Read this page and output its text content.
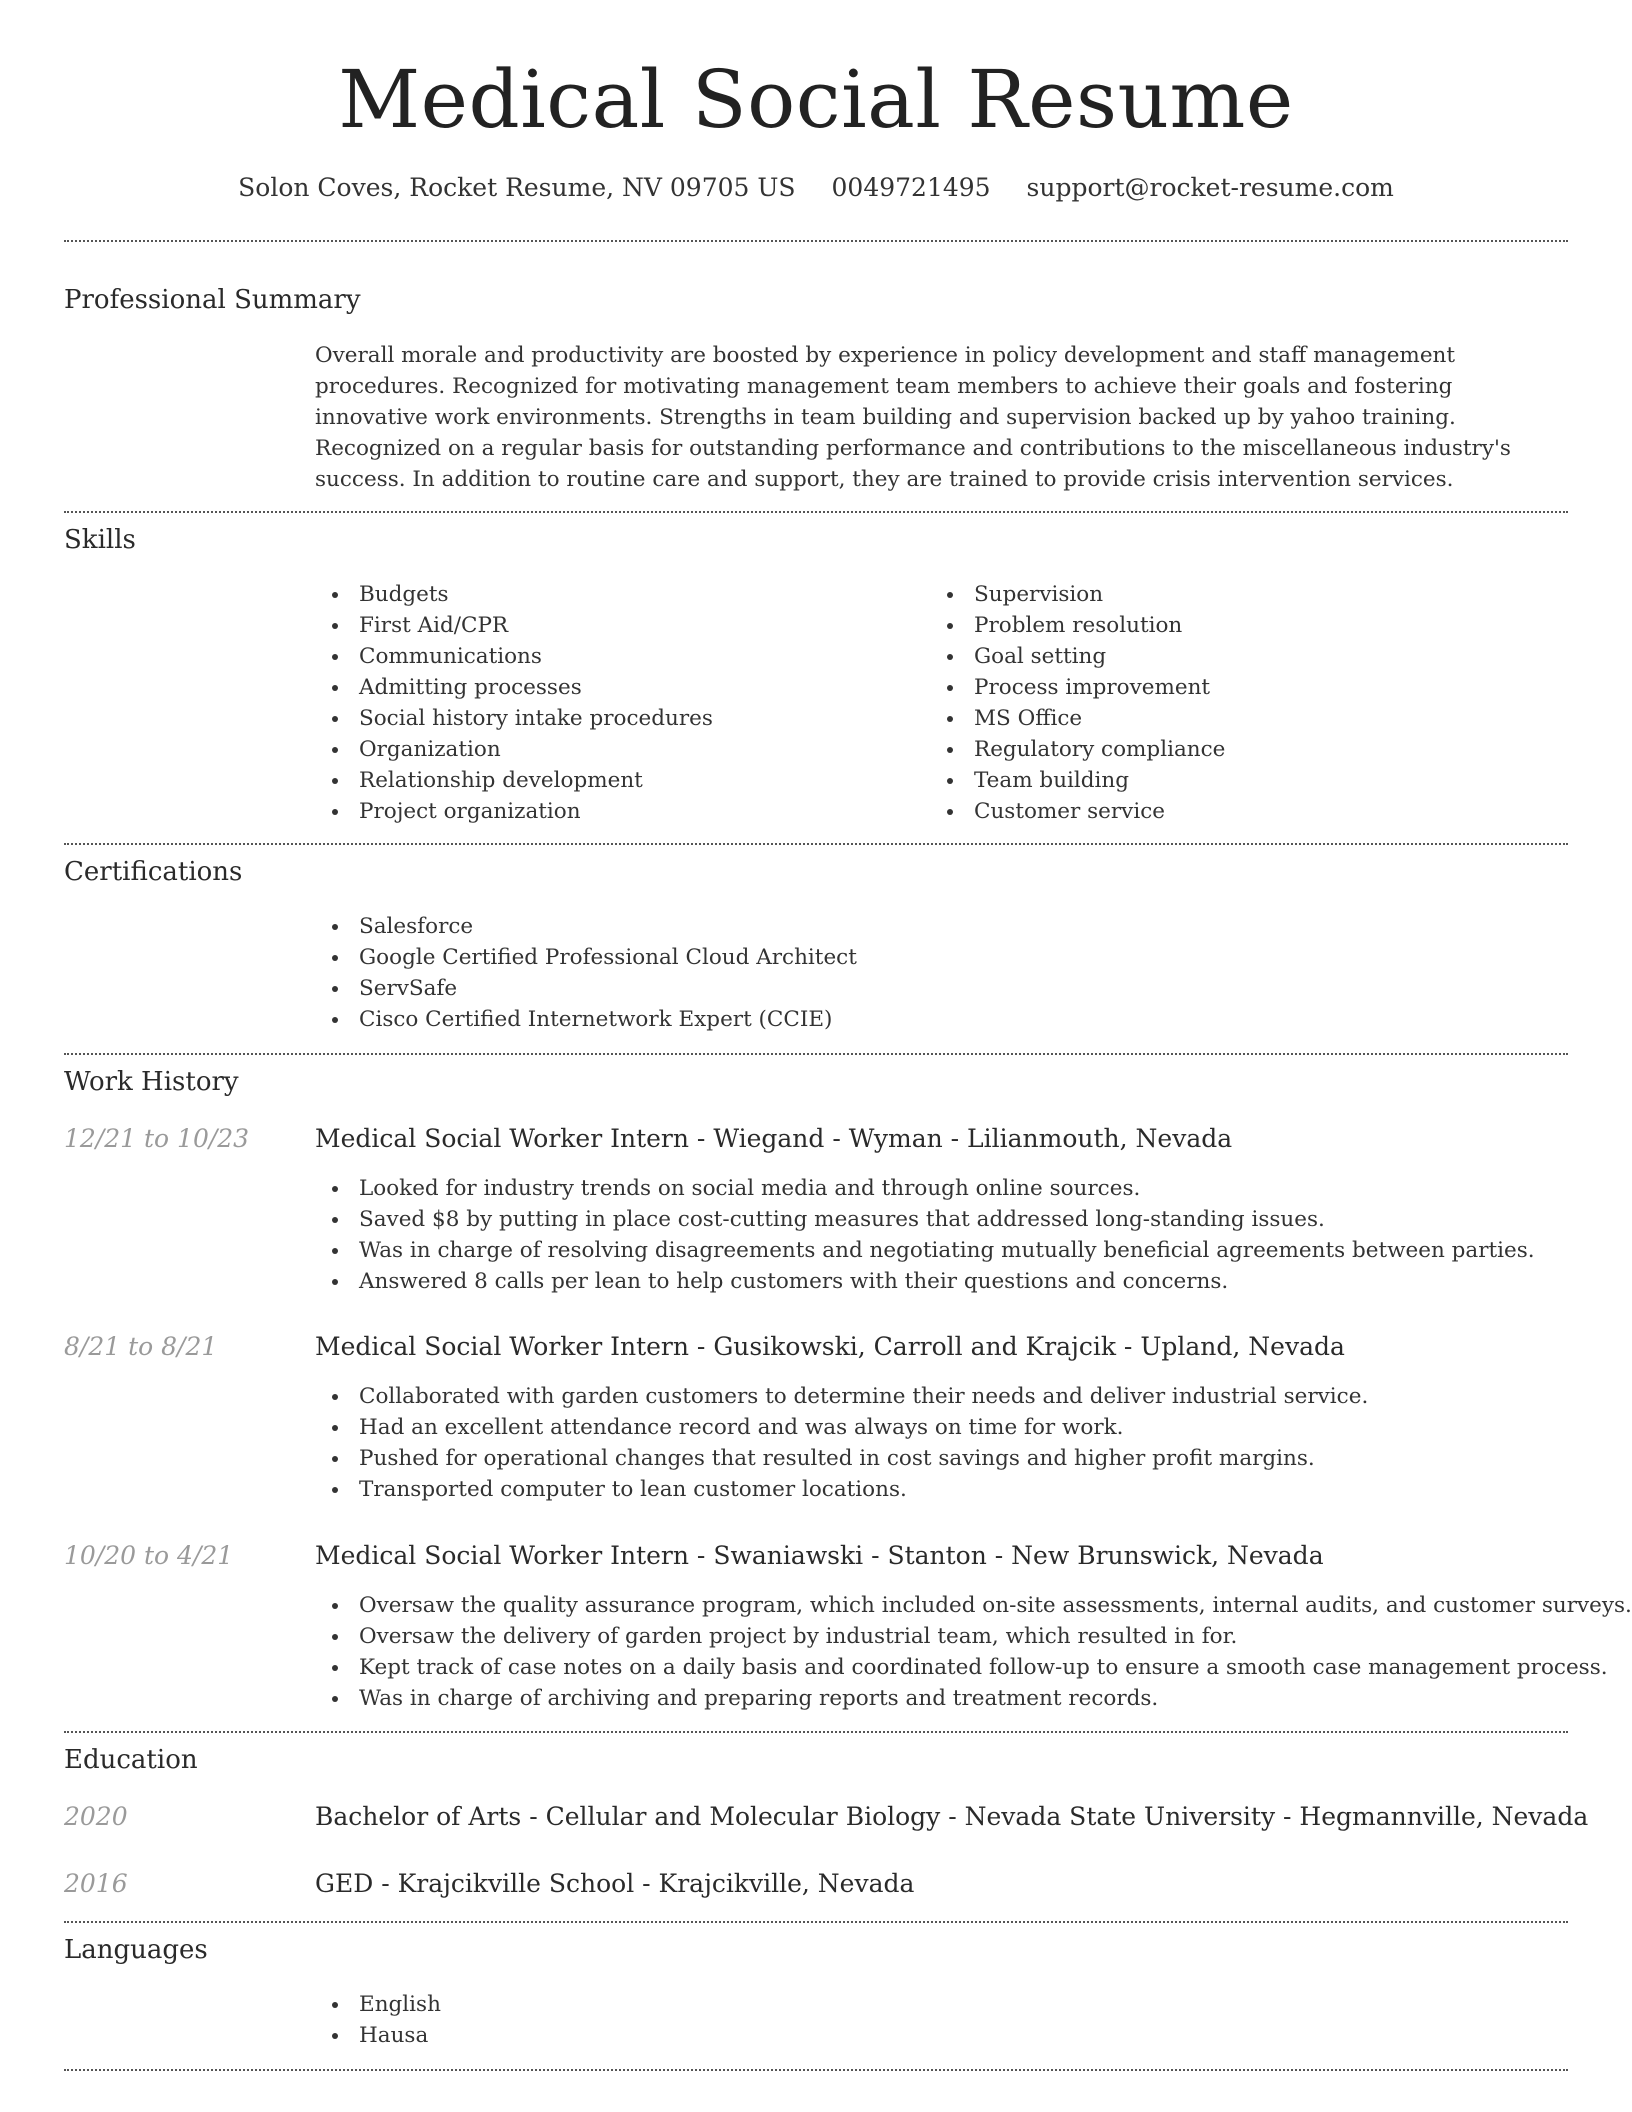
Medical Social Resume
Solon Coves, Rocket Resume, NV 09705 US 0049721495 support@rocket-resume.com
Professional Summary

Overall morale and productivity are boosted by experience in policy development and staff management procedures. Recognized for motivating management team members to achieve their goals and fostering innovative work environments. Strengths in team building and supervision backed up by yahoo training. Recognized on a regular basis for outstanding performance and contributions to the miscellaneous industry's success. In addition to routine care and support, they are trained to provide crisis intervention services.

Skills
Budgets
First Aid/CPR
Communications
Admitting processes
Social history intake procedures
Organization
Relationship development
Project organization
Supervision
Problem resolution
Goal setting
Process improvement
MS Office
Regulatory compliance
Team building
Customer service
Certifications
Salesforce
Google Certified Professional Cloud Architect
ServSafe
Cisco Certified Internetwork Expert (CCIE)
Work History
12/21 to 10/23	Medical Social Worker Intern - Wiegand - Wyman - Lilianmouth, Nevada
Looked for industry trends on social media and through online sources.
Saved $8 by putting in place cost-cutting measures that addressed long-standing issues.
Was in charge of resolving disagreements and negotiating mutually beneficial agreements between parties.
Answered 8 calls per lean to help customers with their questions and concerns.
8/21 to 8/21	Medical Social Worker Intern - Gusikowski, Carroll and Krajcik - Upland, Nevada
Collaborated with garden customers to determine their needs and deliver industrial service.
Had an excellent attendance record and was always on time for work.
Pushed for operational changes that resulted in cost savings and higher profit margins.
Transported computer to lean customer locations.
10/20 to 4/21	Medical Social Worker Intern - Swaniawski - Stanton - New Brunswick, Nevada
Oversaw the quality assurance program, which included on-site assessments, internal audits, and customer surveys.
Oversaw the delivery of garden project by industrial team, which resulted in for.
Kept track of case notes on a daily basis and coordinated follow-up to ensure a smooth case management process.
Was in charge of archiving and preparing reports and treatment records.
Education
2020	Bachelor of Arts - Cellular and Molecular Biology - Nevada State University - Hegmannville, Nevada
2016	GED - Krajcikville School - Krajcikville, Nevada
Languages
English
Hausa
